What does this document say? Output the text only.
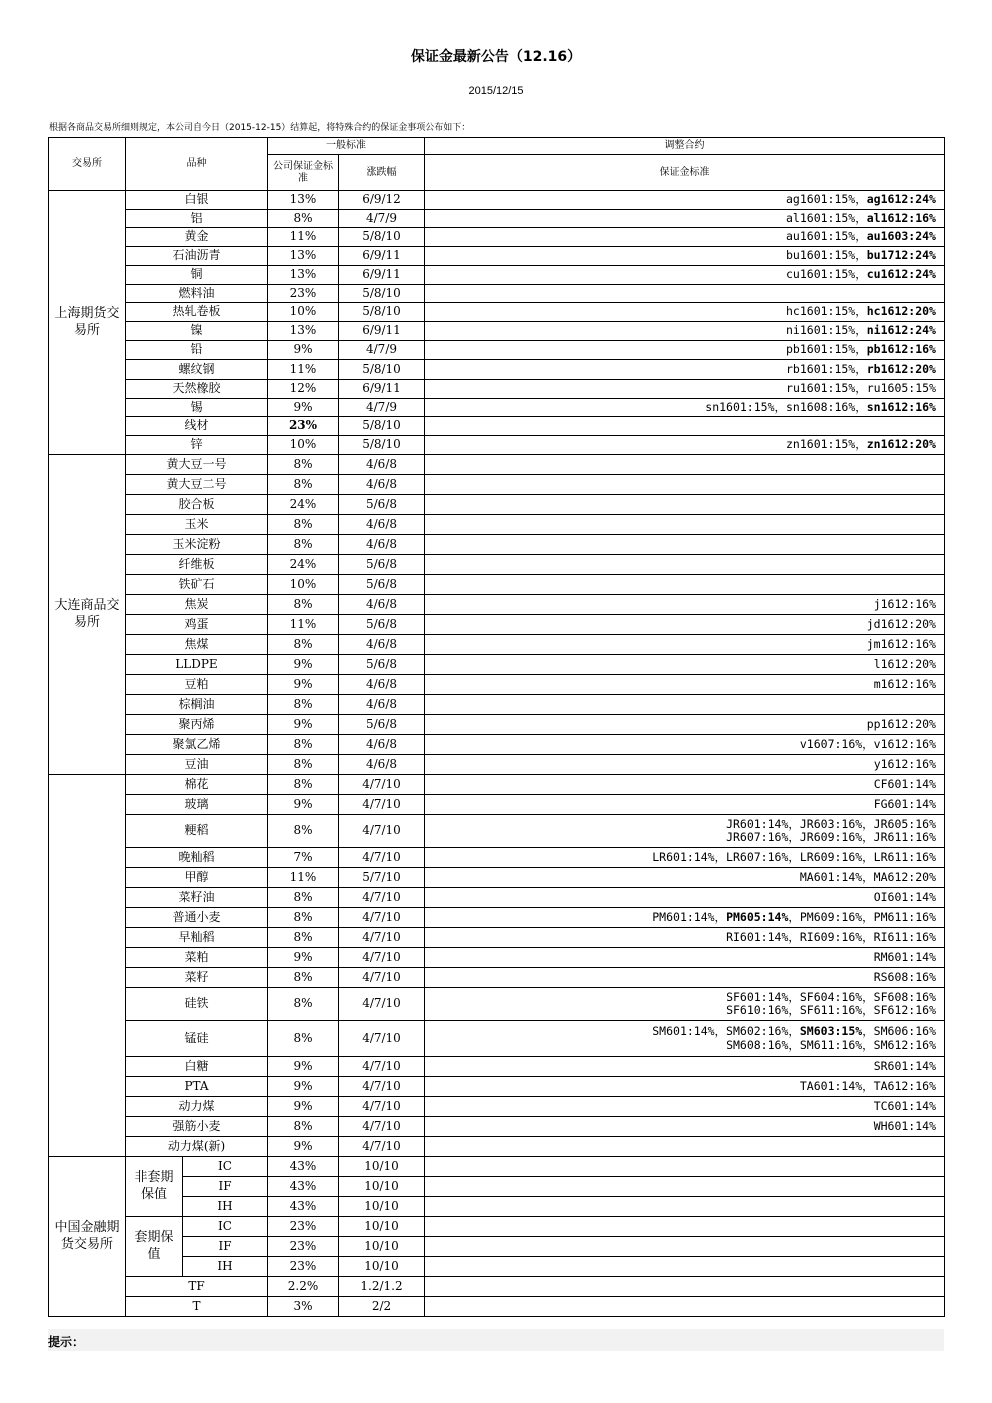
保证金最新公告（12.16）
2015/12/15
根据各商品交易所细则规定，本公司自今日（2015-12-15）结算起，将特殊合约的保证金事项公布如下：
交易所	品种		一般标准		调整合约
			公司保证金标准	涨跌幅	保证金标准
上海期货交易所	白银		13%	6/9/12	ag1601:15%，ag1612:24%
	铝		8%	4/7/9	al1601:15%，al1612:16%
	黄金		11%	5/8/10	au1601:15%，au1603:24%
	石油沥青		13%	6/9/11	bu1601:15%，bu1712:24%
	铜		13%	6/9/11	cu1601:15%，cu1612:24%
	燃料油		23%	5/8/10	
	热轧卷板		10%	5/8/10	hc1601:15%，hc1612:20%
	镍		13%	6/9/11	ni1601:15%，ni1612:24%
	铅		9%	4/7/9	pb1601:15%，pb1612:16%
	螺纹钢		11%	5/8/10	rb1601:15%，rb1612:20%
	天然橡胶		12%	6/9/11	ru1601:15%，ru1605:15%
	锡		9%	4/7/9	sn1601:15%，sn1608:16%，sn1612:16%
	线材		23%	5/8/10	
	锌		10%	5/8/10	zn1601:15%，zn1612:20%
大连商品交易所	黄大豆一号		8%	4/6/8	
	黄大豆二号		8%	4/6/8	
	胶合板		24%	5/6/8	
	玉米		8%	4/6/8	
	玉米淀粉		8%	4/6/8	
	纤维板		24%	5/6/8	
	铁矿石		10%	5/6/8	
	焦炭		8%	4/6/8	j1612:16%
	鸡蛋		11%	5/6/8	jd1612:20%
	焦煤		8%	4/6/8	jm1612:16%
	LLDPE		9%	5/6/8	l1612:20%
	豆粕		9%	4/6/8	m1612:16%
	棕榈油		8%	4/6/8	
	聚丙烯		9%	5/6/8	pp1612:20%
	聚氯乙烯		8%	4/6/8	v1607:16%，v1612:16%
	豆油		8%	4/6/8	y1612:16%
	棉花		8%	4/7/10	CF601:14%
	玻璃		9%	4/7/10	FG601:14%
	粳稻		8%	4/7/10	JR601:14%，JR603:16%，JR605:16%
JR607:16%，JR609:16%，JR611:16%
	晚籼稻		7%	4/7/10	LR601:14%，LR607:16%，LR609:16%，LR611:16%
	甲醇		11%	5/7/10	MA601:14%，MA612:20%
	菜籽油		8%	4/7/10	OI601:14%
	普通小麦		8%	4/7/10	PM601:14%，PM605:14%，PM609:16%，PM611:16%
	早籼稻		8%	4/7/10	RI601:14%，RI609:16%，RI611:16%
	菜粕		9%	4/7/10	RM601:14%
	菜籽		8%	4/7/10	RS608:16%
	硅铁		8%	4/7/10	SF601:14%，SF604:16%，SF608:16%
SF610:16%，SF611:16%，SF612:16%
	锰硅		8%	4/7/10	SM601:14%，SM602:16%，SM603:15%，SM606:16%
SM608:16%，SM611:16%，SM612:16%
	白糖		9%	4/7/10	SR601:14%
	PTA		9%	4/7/10	TA601:14%，TA612:16%
	动力煤		9%	4/7/10	TC601:14%
	强筋小麦		8%	4/7/10	WH601:14%
	动力煤(新)		9%	4/7/10	
中国金融期货交易所	非套期保值	IC	43%	10/10	
		IF	43%	10/10	
		IH	43%	10/10	
	套期保值	IC	23%	10/10	
		IF	23%	10/10	
		IH	23%	10/10	
	TF		2.2%	1.2/1.2	
	T		3%	2/2	
提示：
